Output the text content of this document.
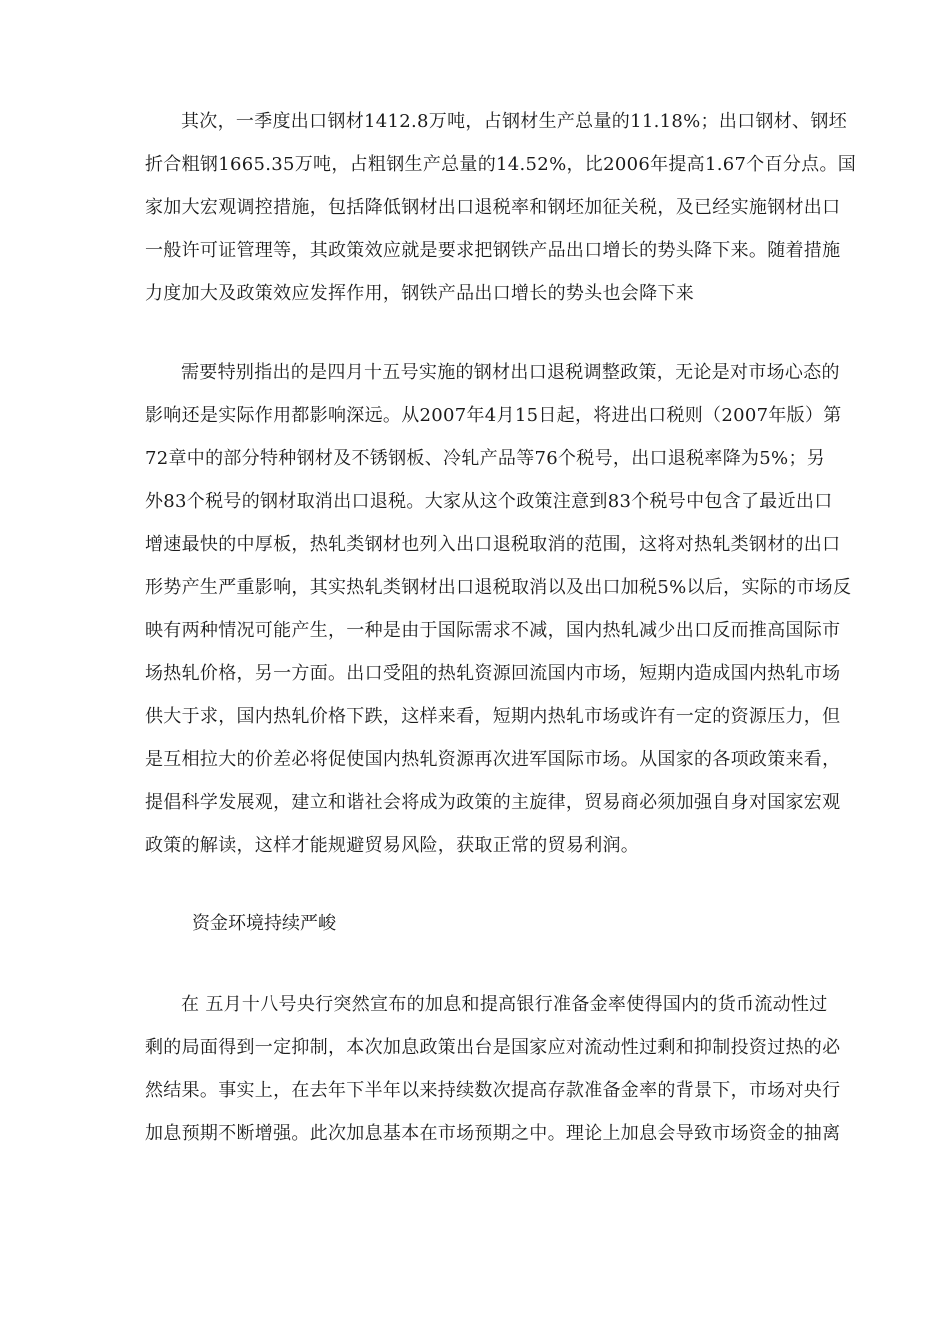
其次，一季度出口钢材1412.8万吨，占钢材生产总量的11.18%；出口钢材、钢坯
折合粗钢1665.35万吨，占粗钢生产总量的14.52%，比2006年提高1.67个百分点。国
家加大宏观调控措施，包括降低钢材出口退税率和钢坯加征关税，及已经实施钢材出口
一般许可证管理等，其政策效应就是要求把钢铁产品出口增长的势头降下来。随着措施
力度加大及政策效应发挥作用，钢铁产品出口增长的势头也会降下来
需要特别指出的是四月十五号实施的钢材出口退税调整政策，无论是对市场心态的
影响还是实际作用都影响深远。从2007年4月15日起，将进出口税则（2007年版）第
72章中的部分特种钢材及不锈钢板、冷轧产品等76个税号，出口退税率降为5%；另
外83个税号的钢材取消出口退税。大家从这个政策注意到83个税号中包含了最近出口
增速最快的中厚板，热轧类钢材也列入出口退税取消的范围，这将对热轧类钢材的出口
形势产生严重影响，其实热轧类钢材出口退税取消以及出口加税5%以后，实际的市场反
映有两种情况可能产生，一种是由于国际需求不减，国内热轧减少出口反而推高国际市
场热轧价格，另一方面。出口受阻的热轧资源回流国内市场，短期内造成国内热轧市场
供大于求，国内热轧价格下跌，这样来看，短期内热轧市场或许有一定的资源压力，但
是互相拉大的价差必将促使国内热轧资源再次进军国际市场。从国家的各项政策来看，
提倡科学发展观，建立和谐社会将成为政策的主旋律，贸易商必须加强自身对国家宏观
政策的解读，这样才能规避贸易风险，获取正常的贸易利润。
资金环境持续严峻
在 五月十八号央行突然宣布的加息和提高银行准备金率使得国内的货币流动性过
剩的局面得到一定抑制，本次加息政策出台是国家应对流动性过剩和抑制投资过热的必
然结果。事实上，在去年下半年以来持续数次提高存款准备金率的背景下，市场对央行
加息预期不断增强。此次加息基本在市场预期之中。理论上加息会导致市场资金的抽离
